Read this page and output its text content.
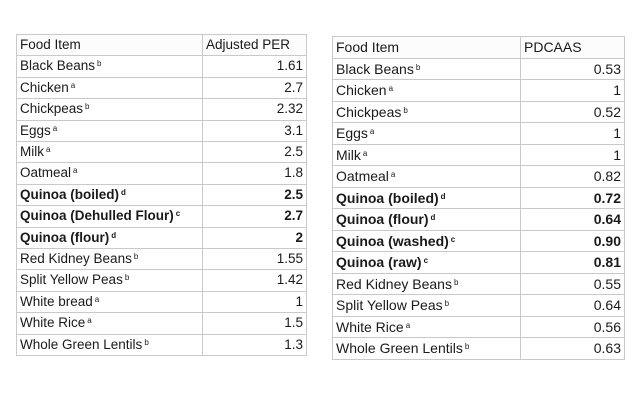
Food Item	Adjusted PER
Black Beans $^b$	1.61
Chicken $^a$	2.7
Chickpeas $^b$	2.32
Eggs $^a$	3.1
Milk $^a$	2.5
Oatmeal $^a$	1.8
Quinoa (boiled) $^d$	2.5
Quinoa (Dehulled Flour) $^c$	2.7
Quinoa (flour) $^d$	2
Red Kidney Beans $^b$	1.55
Split Yellow Peas $^b$	1.42
White bread $^a$	1
White Rice $^a$	1.5
Whole Green Lentils $^b$	1.3
Food Item	PDCAAS
Black Beans $^b$	0.53
Chicken $^a$	1
Chickpeas $^b$	0.52
Eggs $^a$	1
Milk $^a$	1
Oatmeal $^a$	0.82
Quinoa (boiled) $^d$	0.72
Quinoa (flour) $^d$	0.64
Quinoa (washed) $^c$	0.90
Quinoa (raw) $^c$	0.81
Red Kidney Beans $^b$	0.55
Split Yellow Peas $^b$	0.64
White Rice $^a$	0.56
Whole Green Lentils $^b$	0.63
